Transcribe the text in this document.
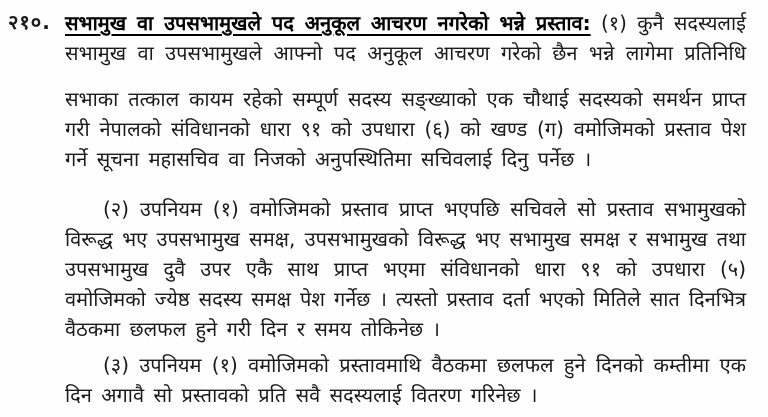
२१०. सभामुख वा उपसभामुखले पद अनुकूल आचरण नगरेको भन्ने प्रस्ताव: (१) कुनै सदस्यलाई
सभामुख वा उपसभामुखले आफ्नो पद अनुकूल आचरण गरेको छैन भन्ने लागेमा प्रतिनिधि
सभाका तत्काल कायम रहेको सम्पूर्ण सदस्य सङ्ख्याको एक चौथाई सदस्यको समर्थन प्राप्त
गरी नेपालको संविधानको धारा ९१ को उपधारा (६) को खण्ड (ग) वमोजिमको प्रस्ताव पेश
गर्ने सूचना महासचिव वा निजको अनुपस्थितिमा सचिवलाई दिनु पर्नेछ ।
(२) उपनियम (१) वमोजिमको प्रस्ताव प्राप्त भएपछि सचिवले सो प्रस्ताव सभामुखको
विरूद्ध भए उपसभामुख समक्ष, उपसभामुखको विरूद्ध भए सभामुख समक्ष र सभामुख तथा
उपसभामुख दुवै उपर एकै साथ प्राप्त भएमा संविधानको धारा ९१ को उपधारा (५)
वमोजिमको ज्येष्ठ सदस्य समक्ष पेश गर्नेछ । त्यस्तो प्रस्ताव दर्ता भएको मितिले सात दिनभित्र
वैठकमा छलफल हुने गरी दिन र समय तोकिनेछ ।
(३) उपनियम (१) वमोजिमको प्रस्तावमाथि वैठकमा छलफल हुने दिनको कम्तीमा एक
दिन अगावै सो प्रस्तावको प्रति सवै सदस्यलाई वितरण गरिनेछ ।
